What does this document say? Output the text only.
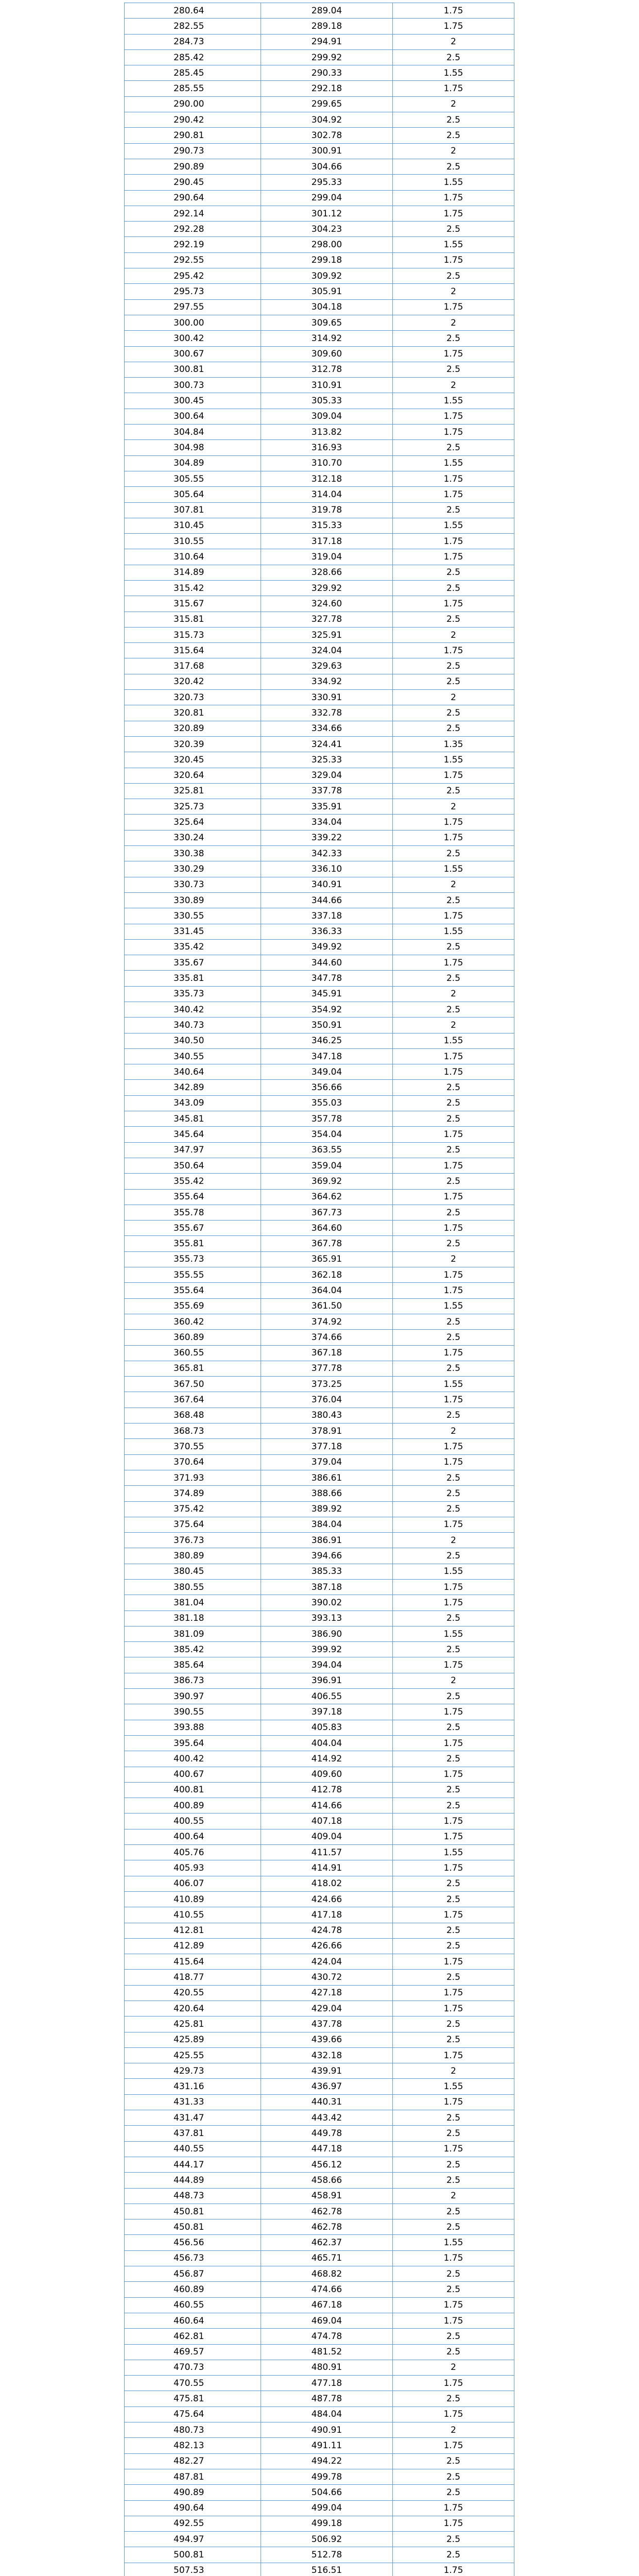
280.64	289.04	1.75
282.55	289.18	1.75
284.73	294.91	2
285.42	299.92	2.5
285.45	290.33	1.55
285.55	292.18	1.75
290.00	299.65	2
290.42	304.92	2.5
290.81	302.78	2.5
290.73	300.91	2
290.89	304.66	2.5
290.45	295.33	1.55
290.64	299.04	1.75
292.14	301.12	1.75
292.28	304.23	2.5
292.19	298.00	1.55
292.55	299.18	1.75
295.42	309.92	2.5
295.73	305.91	2
297.55	304.18	1.75
300.00	309.65	2
300.42	314.92	2.5
300.67	309.60	1.75
300.81	312.78	2.5
300.73	310.91	2
300.45	305.33	1.55
300.64	309.04	1.75
304.84	313.82	1.75
304.98	316.93	2.5
304.89	310.70	1.55
305.55	312.18	1.75
305.64	314.04	1.75
307.81	319.78	2.5
310.45	315.33	1.55
310.55	317.18	1.75
310.64	319.04	1.75
314.89	328.66	2.5
315.42	329.92	2.5
315.67	324.60	1.75
315.81	327.78	2.5
315.73	325.91	2
315.64	324.04	1.75
317.68	329.63	2.5
320.42	334.92	2.5
320.73	330.91	2
320.81	332.78	2.5
320.89	334.66	2.5
320.39	324.41	1.35
320.45	325.33	1.55
320.64	329.04	1.75
325.81	337.78	2.5
325.73	335.91	2
325.64	334.04	1.75
330.24	339.22	1.75
330.38	342.33	2.5
330.29	336.10	1.55
330.73	340.91	2
330.89	344.66	2.5
330.55	337.18	1.75
331.45	336.33	1.55
335.42	349.92	2.5
335.67	344.60	1.75
335.81	347.78	2.5
335.73	345.91	2
340.42	354.92	2.5
340.73	350.91	2
340.50	346.25	1.55
340.55	347.18	1.75
340.64	349.04	1.75
342.89	356.66	2.5
343.09	355.03	2.5
345.81	357.78	2.5
345.64	354.04	1.75
347.97	363.55	2.5
350.64	359.04	1.75
355.42	369.92	2.5
355.64	364.62	1.75
355.78	367.73	2.5
355.67	364.60	1.75
355.81	367.78	2.5
355.73	365.91	2
355.55	362.18	1.75
355.64	364.04	1.75
355.69	361.50	1.55
360.42	374.92	2.5
360.89	374.66	2.5
360.55	367.18	1.75
365.81	377.78	2.5
367.50	373.25	1.55
367.64	376.04	1.75
368.48	380.43	2.5
368.73	378.91	2
370.55	377.18	1.75
370.64	379.04	1.75
371.93	386.61	2.5
374.89	388.66	2.5
375.42	389.92	2.5
375.64	384.04	1.75
376.73	386.91	2
380.89	394.66	2.5
380.45	385.33	1.55
380.55	387.18	1.75
381.04	390.02	1.75
381.18	393.13	2.5
381.09	386.90	1.55
385.42	399.92	2.5
385.64	394.04	1.75
386.73	396.91	2
390.97	406.55	2.5
390.55	397.18	1.75
393.88	405.83	2.5
395.64	404.04	1.75
400.42	414.92	2.5
400.67	409.60	1.75
400.81	412.78	2.5
400.89	414.66	2.5
400.55	407.18	1.75
400.64	409.04	1.75
405.76	411.57	1.55
405.93	414.91	1.75
406.07	418.02	2.5
410.89	424.66	2.5
410.55	417.18	1.75
412.81	424.78	2.5
412.89	426.66	2.5
415.64	424.04	1.75
418.77	430.72	2.5
420.55	427.18	1.75
420.64	429.04	1.75
425.81	437.78	2.5
425.89	439.66	2.5
425.55	432.18	1.75
429.73	439.91	2
431.16	436.97	1.55
431.33	440.31	1.75
431.47	443.42	2.5
437.81	449.78	2.5
440.55	447.18	1.75
444.17	456.12	2.5
444.89	458.66	2.5
448.73	458.91	2
450.81	462.78	2.5
450.81	462.78	2.5
456.56	462.37	1.55
456.73	465.71	1.75
456.87	468.82	2.5
460.89	474.66	2.5
460.55	467.18	1.75
460.64	469.04	1.75
462.81	474.78	2.5
469.57	481.52	2.5
470.73	480.91	2
470.55	477.18	1.75
475.81	487.78	2.5
475.64	484.04	1.75
480.73	490.91	2
482.13	491.11	1.75
482.27	494.22	2.5
487.81	499.78	2.5
490.89	504.66	2.5
490.64	499.04	1.75
492.55	499.18	1.75
494.97	506.92	2.5
500.81	512.78	2.5
507.53	516.51	1.75
